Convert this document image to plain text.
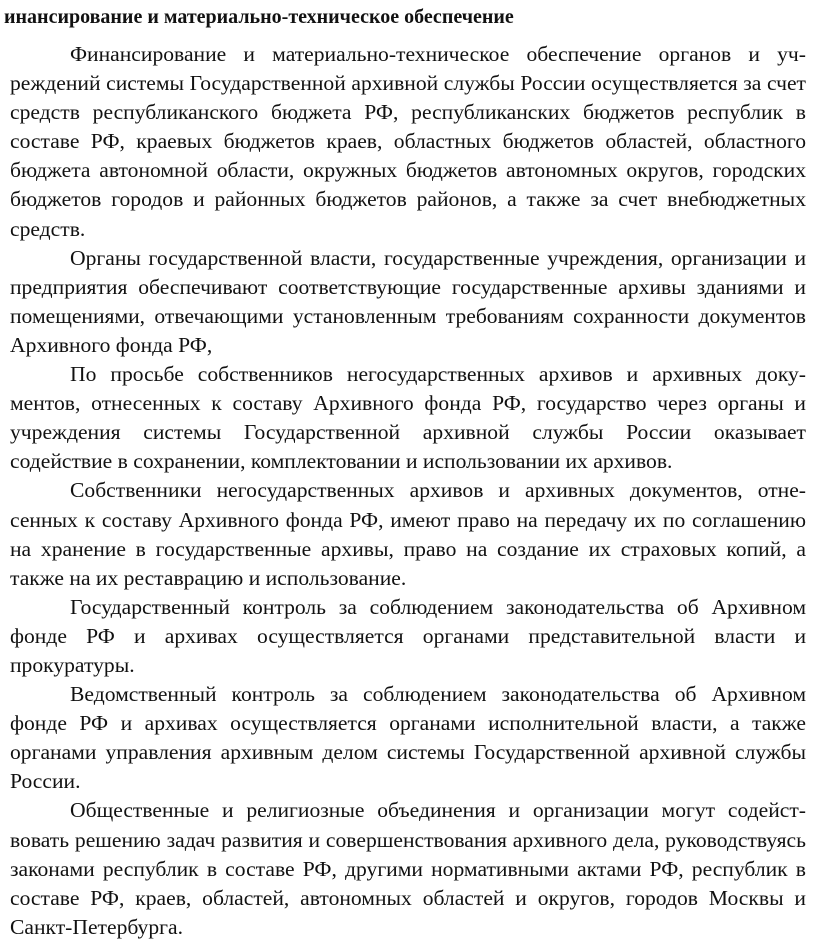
инансирование и материально-техническое обеспечение

Финансирование и материально-техническое обеспечение органов и учреждений системы Государственной архивной службы России осуществляется за счет средств республиканского бюджета РФ, республиканских бюджетов республик в составе РФ, краевых бюджетов краев, областных бюджетов областей, областного бюджета автономной области, окружных бюджетов автономных округов, городских бюджетов городов и районных бюджетов районов, а также за счет внебюджетных средств.

Органы государственной власти, государственные учреждения, организации и предприятия обеспечивают соответствующие государственные архивы зданиями и помещениями, отвечающими установленным требованиям сохранности документов Архивного фонда РФ,

По просьбе собственников негосударственных архивов и архивных документов, отнесенных к составу Архивного фонда РФ, государство через органы и учреждения системы Государственной архивной службы России оказывает содействие в сохранении, комплектовании и использовании их архивов.

Собственники негосударственных архивов и архивных документов, отнесенных к составу Архивного фонда РФ, имеют право на передачу их по соглашению на хранение в государственные архивы, право на создание их страховых копий, а также на их реставрацию и использование.

Государственный контроль за соблюдением законодательства об Архивном фонде РФ и архивах осуществляется органами представительной власти и прокуратуры.

Ведомственный контроль за соблюдением законодательства об Архивном фонде РФ и архивах осуществляется органами исполнительной власти, а также органами управления архивным делом системы Государственной архивной службы России.

Общественные и религиозные объединения и организации могут содействовать решению задач развития и совершенствования архивного дела, руководствуясь законами республик в составе РФ, другими нормативными актами РФ, республик в составе РФ, краев, областей, автономных областей и округов, городов Москвы и Санкт-Петербурга.
